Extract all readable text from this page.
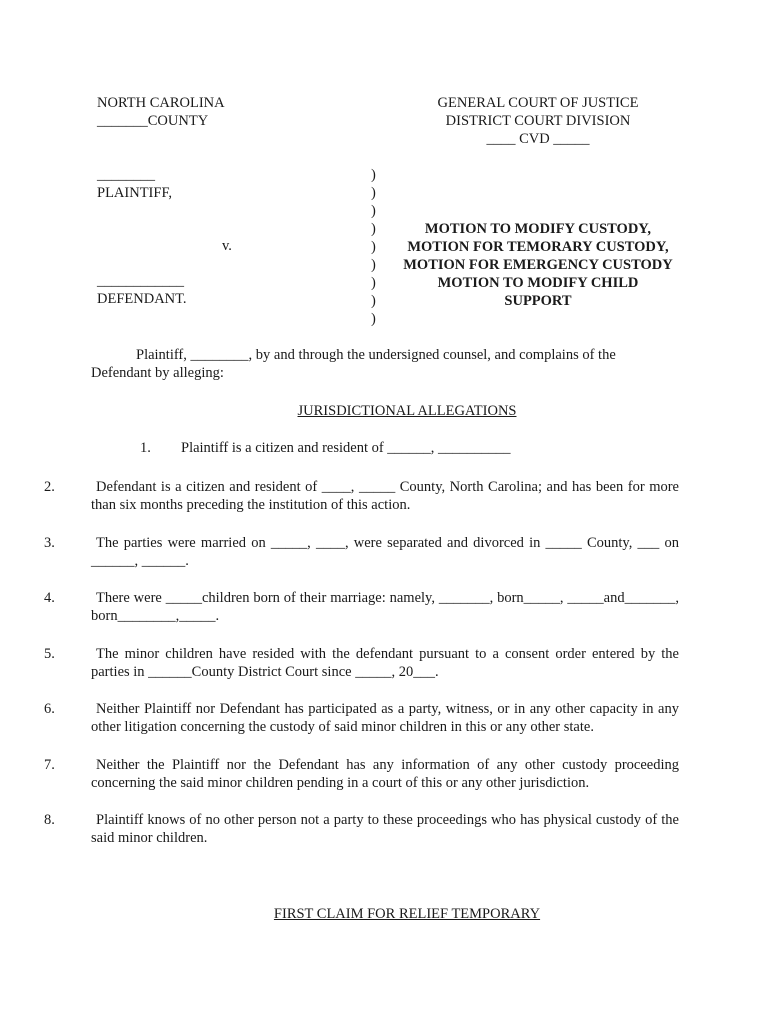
NORTH CAROLINA
_______COUNTY
GENERAL COURT OF JUSTICE
DISTRICT COURT DIVISION
____ CVD _____
________
PLAINTIFF,
v.
____________
DEFENDANT.
)
)
)
)
)
)
)
)
)
MOTION TO MODIFY CUSTODY,
MOTION FOR TEMORARY CUSTODY,
MOTION FOR EMERGENCY CUSTODY
MOTION TO MODIFY CHILD
SUPPORT
Plaintiff, ________, by and through the undersigned counsel, and complains of the
Defendant by alleging:
JURISDICTIONAL ALLEGATIONS
1. Plaintiff is a citizen and resident of ______, __________
2.	Defendant is a citizen and resident of ____, _____ County, North Carolina; and has been for more than six months preceding the institution of this action.
3.	The parties were married on _____, ____, were separated and divorced in _____ County, ___ on ______, ______.
4.	There were _____children born of their marriage: namely, _______, born_____, _____and_______, born________,_____.
5.	The minor children have resided with the defendant pursuant to a consent order entered by the parties in ______County District Court since _____, 20___.
6.	Neither Plaintiff nor Defendant has participated as a party, witness, or in any other capacity in any other litigation concerning the custody of said minor children in this or any other state.
7.	Neither the Plaintiff nor the Defendant has any information of any other custody proceeding concerning the said minor children pending in a court of this or any other jurisdiction.
8.	Plaintiff knows of no other person not a party to these proceedings who has physical custody of the said minor children.
FIRST CLAIM FOR RELIEF TEMPORARY
